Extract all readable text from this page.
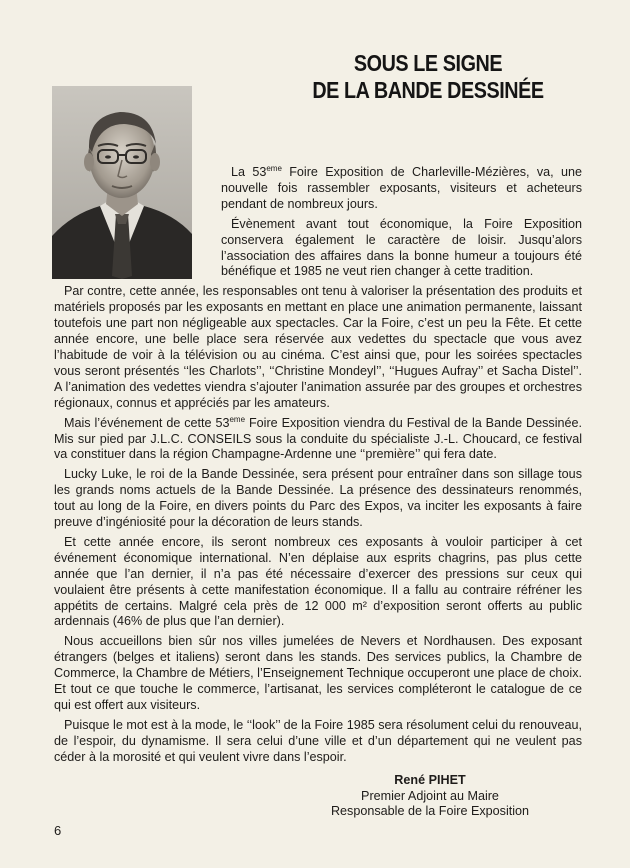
SOUS LE SIGNE
DE LA BANDE DESSINÉE

La 53eme Foire Exposition de Charleville-Mézières, va, une nouvelle fois rassembler exposants, visiteurs et acheteurs pendant de nombreux jours.

Évènement avant tout économique, la Foire Exposition conservera également le caractère de loisir. Jusqu’alors l’association des affaires dans la bonne humeur a toujours été bénéfique et 1985 ne veut rien changer à cette tradition.

Par contre, cette année, les responsables ont tenu à valoriser la présentation des produits et matériels proposés par les exposants en mettant en place une animation permanente, laissant toutefois une part non négligeable aux spectacles. Car la Foire, c’est un peu la Fête. Et cette année encore, une belle place sera réservée aux vedettes du spectacle que vous avez l’habitude de voir à la télévision ou au cinéma. C’est ainsi que, pour les soirées spectacles vous seront présentés ‘‘les Charlots’’, ‘‘Christine Mondeyl’’, ‘‘Hugues Aufray’’ et Sacha Distel’’. A l’animation des vedettes viendra s’ajouter l’animation assurée par des groupes et orchestres régionaux, connus et appréciés par les amateurs.

Mais l’événement de cette 53eme Foire Exposition viendra du Festival de la Bande Dessinée. Mis sur pied par J.L.C. CONSEILS sous la conduite du spécialiste J.-L. Choucard, ce festival va constituer dans la région Champagne-Ardenne une ‘‘première’’ qui fera date.

Lucky Luke, le roi de la Bande Dessinée, sera présent pour entraîner dans son sillage tous les grands noms actuels de la Bande Dessinée. La présence des dessinateurs renommés, tout au long de la Foire, en divers points du Parc des Expos, va inciter les exposants à faire preuve d’ingéniosité pour la décoration de leurs stands.

Et cette année encore, ils seront nombreux ces exposants à vouloir participer à cet événement économique international. N’en déplaise aux esprits chagrins, pas plus cette année que l’an dernier, il n’a pas été nécessaire d’exercer des pressions sur ceux qui voulaient être présents à cette manifestation économique. Il a fallu au contraire réfréner les appétits de certains. Malgré cela près de 12 000 m² d’exposition seront offerts au public ardennais (46% de plus que l’an dernier).

Nous accueillons bien sûr nos villes jumelées de Nevers et Nordhausen. Des exposant étrangers (belges et italiens) seront dans les stands. Des services publics, la Chambre de Commerce, la Chambre de Métiers, l’Enseignement Technique occuperont une place de choix. Et tout ce que touche le commerce, l’artisanat, les services compléteront le catalogue de ce qui est offert aux visiteurs.

Puisque le mot est à la mode, le ‘‘look’’ de la Foire 1985 sera résolument celui du renouveau, de l’espoir, du dynamisme. Il sera celui d’une ville et d’un département qui ne veulent pas céder à la morosité et qui veulent vivre dans l’espoir.

René PIHET
Premier Adjoint au Maire
Responsable de la Foire Exposition
6
